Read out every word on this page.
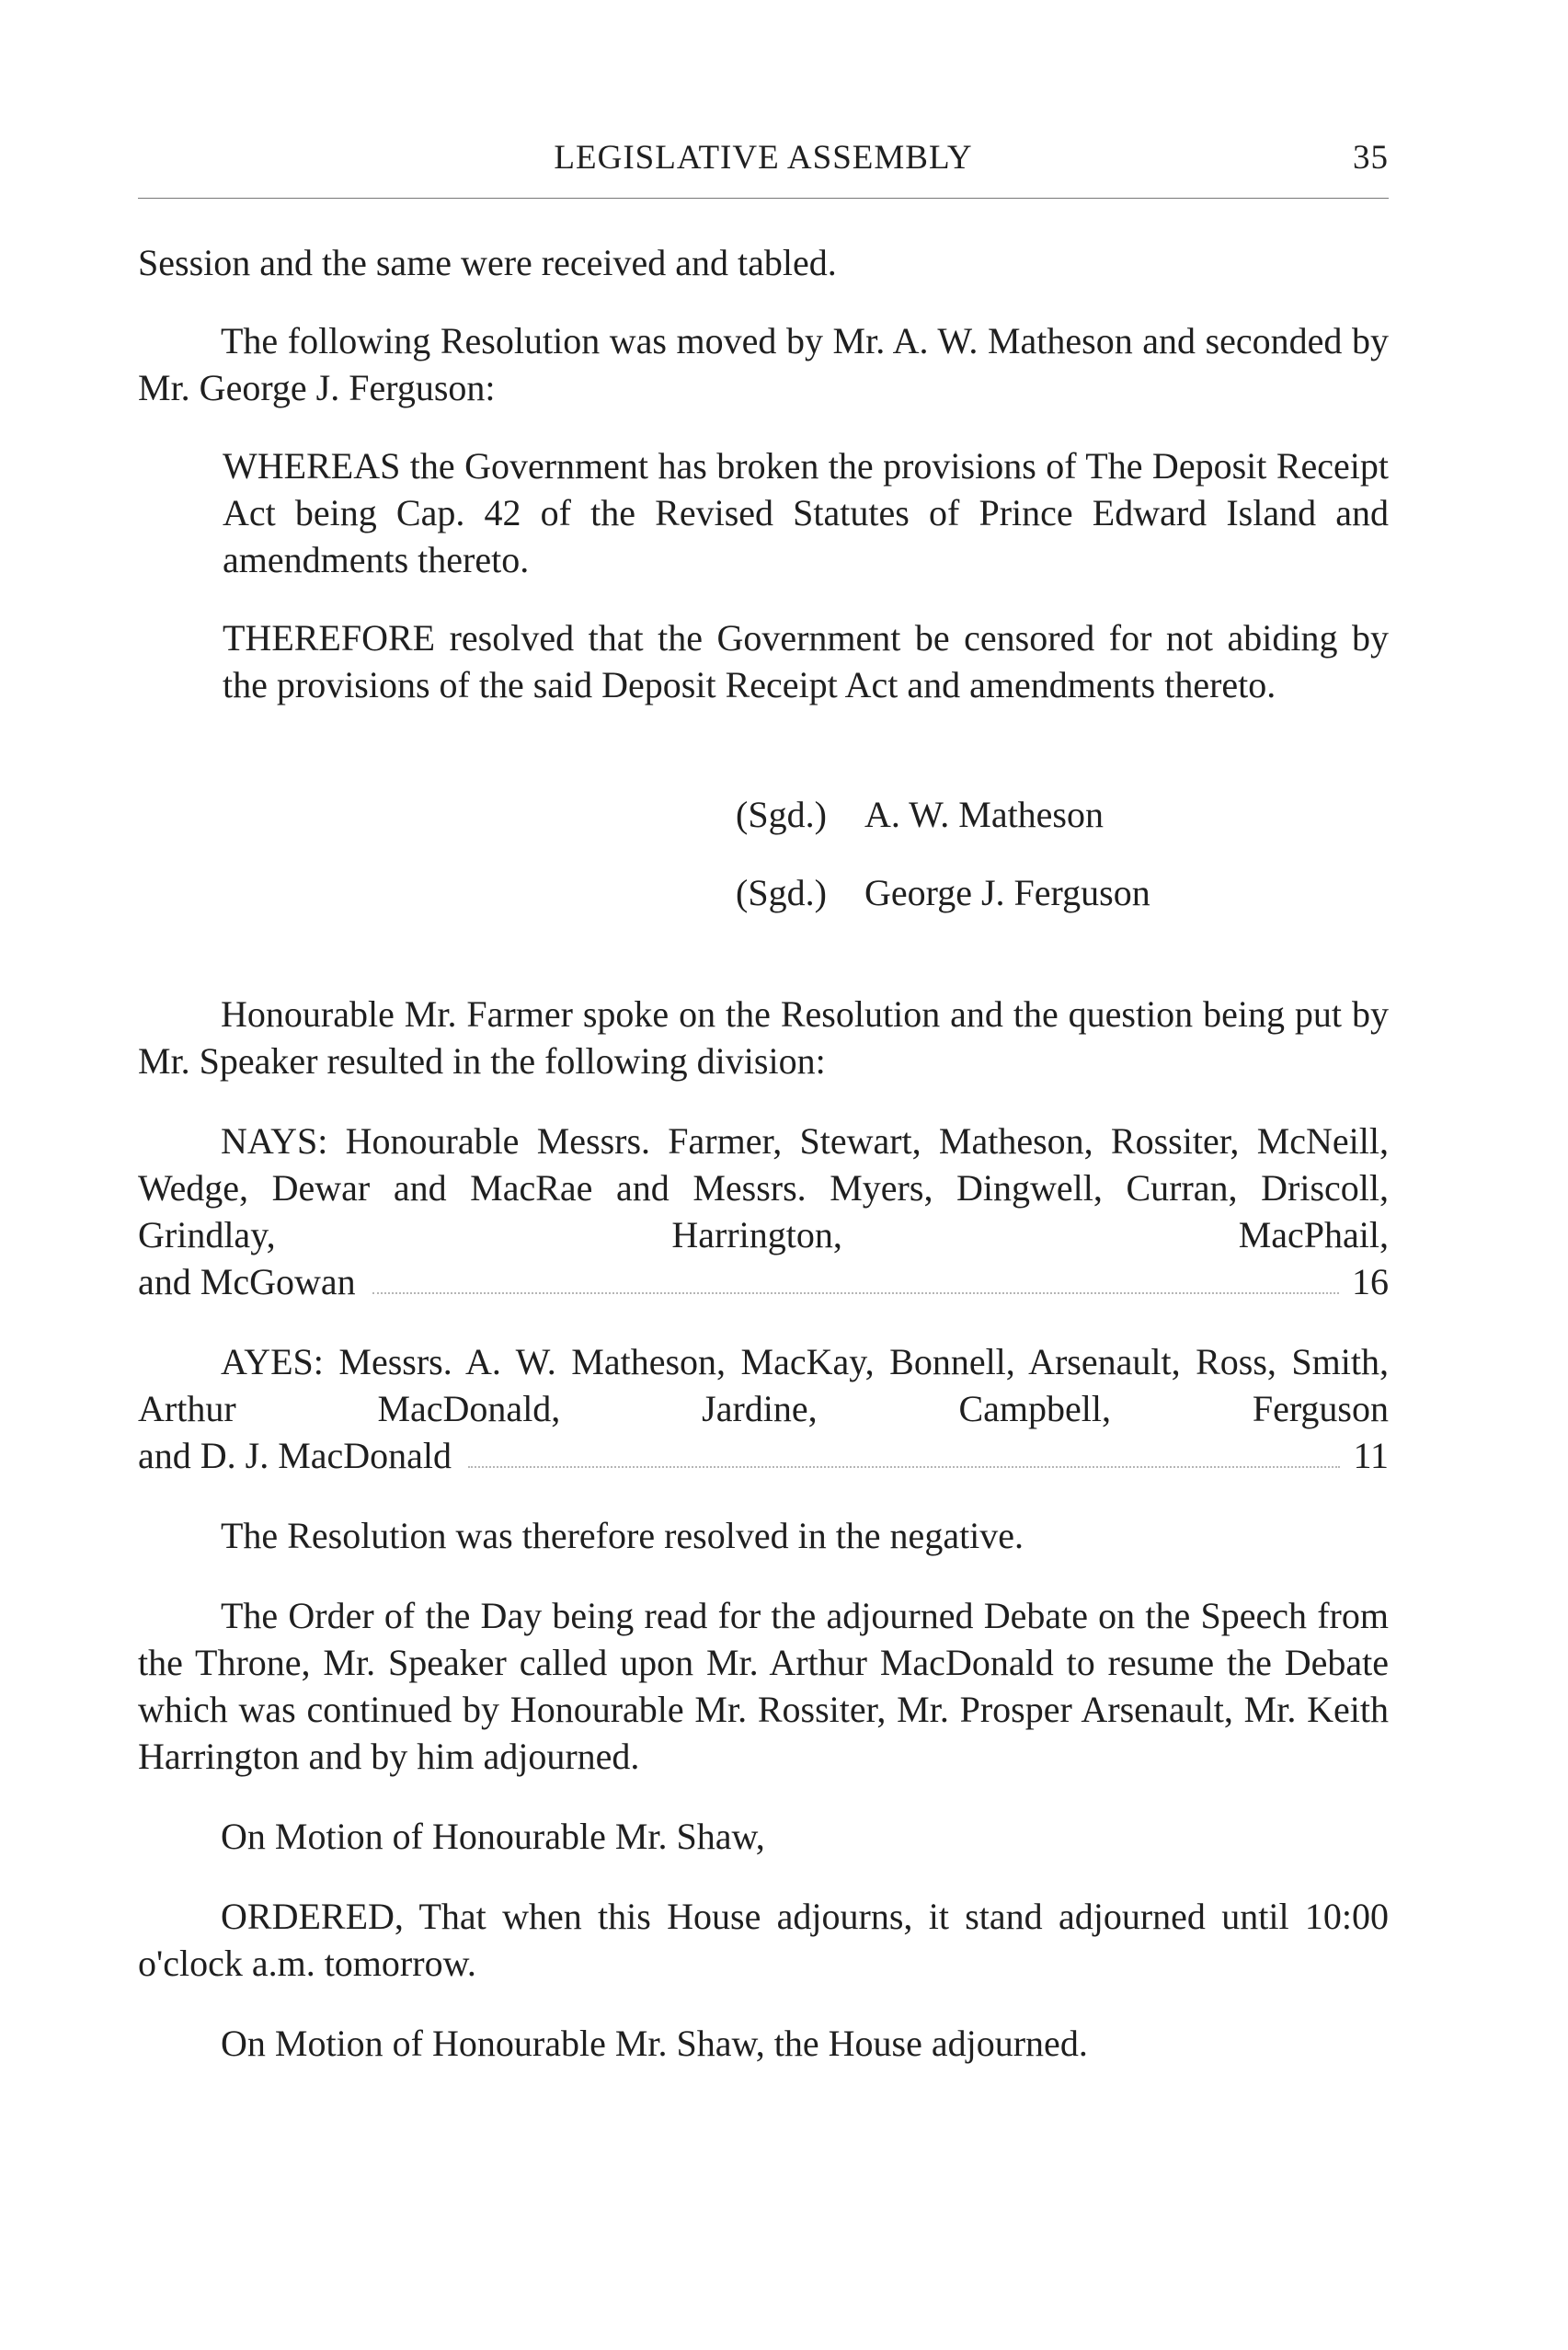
LEGISLATIVE ASSEMBLY	35

Session and the same were received and tabled.

The following Resolution was moved by Mr. A. W. Matheson and seconded by Mr. George J. Ferguson:

WHEREAS the Government has broken the provisions of The Deposit Receipt Act being Cap. 42 of the Revised Statutes of Prince Edward Island and amendments thereto.

THEREFORE resolved that the Government be censored for not abiding by the provisions of the said Deposit Receipt Act and amendments thereto.

(Sgd.) A. W. Matheson
(Sgd.) George J. Ferguson

Honourable Mr. Farmer spoke on the Resolution and the question being put by Mr. Speaker resulted in the following division:

NAYS: Honourable Messrs. Farmer, Stewart, Matheson, Rossiter, McNeill, Wedge, Dewar and MacRae and Messrs. Myers, Dingwell, Curran, Driscoll, Grindlay, Harrington, MacPhail,

and McGowan	16

AYES: Messrs. A. W. Matheson, MacKay, Bonnell, Arsenault, Ross, Smith, Arthur MacDonald, Jardine, Campbell, Ferguson

and D. J. MacDonald	11

The Resolution was therefore resolved in the negative.

The Order of the Day being read for the adjourned Debate on the Speech from the Throne, Mr. Speaker called upon Mr. Arthur MacDonald to resume the Debate which was continued by Honourable Mr. Rossiter, Mr. Prosper Arsenault, Mr. Keith Harrington and by him adjourned.

On Motion of Honourable Mr. Shaw,

ORDERED, That when this House adjourns, it stand adjourned until 10:00 o'clock a.m. tomorrow.

On Motion of Honourable Mr. Shaw, the House adjourned.
